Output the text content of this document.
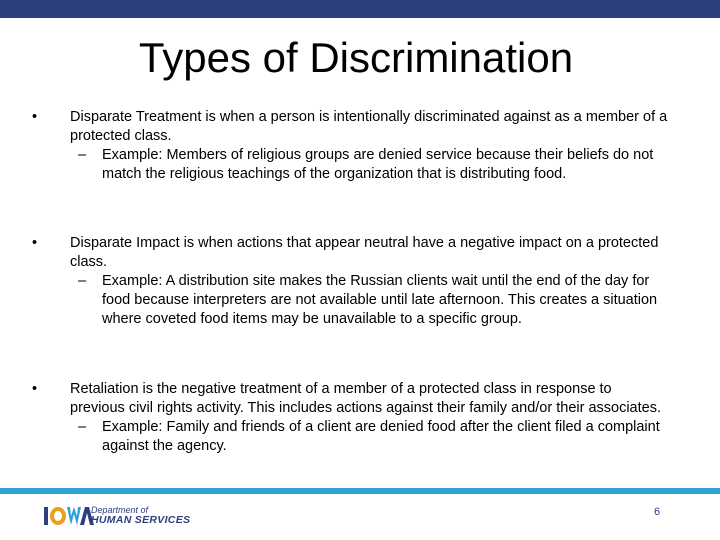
Types of Discrimination
•	Disparate Treatment is when a person is intentionally discriminated against as a member of a protected class.
– Example: Members of religious groups are denied service because their beliefs do not match the religious teachings of the organization that is distributing food.
•	Disparate Impact is when actions that appear neutral have a negative impact on a protected class.
– Example: A distribution site makes the Russian clients wait until the end of the day for food because interpreters are not available until late afternoon. This creates a situation where coveted food items may be unavailable to a specific group.
•	Retaliation is the negative treatment of a member of a protected class in response to previous civil rights activity. This includes actions against their family and/or their associates.
– Example: Family and friends of a client are denied food after the client filed a complaint against the agency.
Department of
HUMAN SERVICES
6
